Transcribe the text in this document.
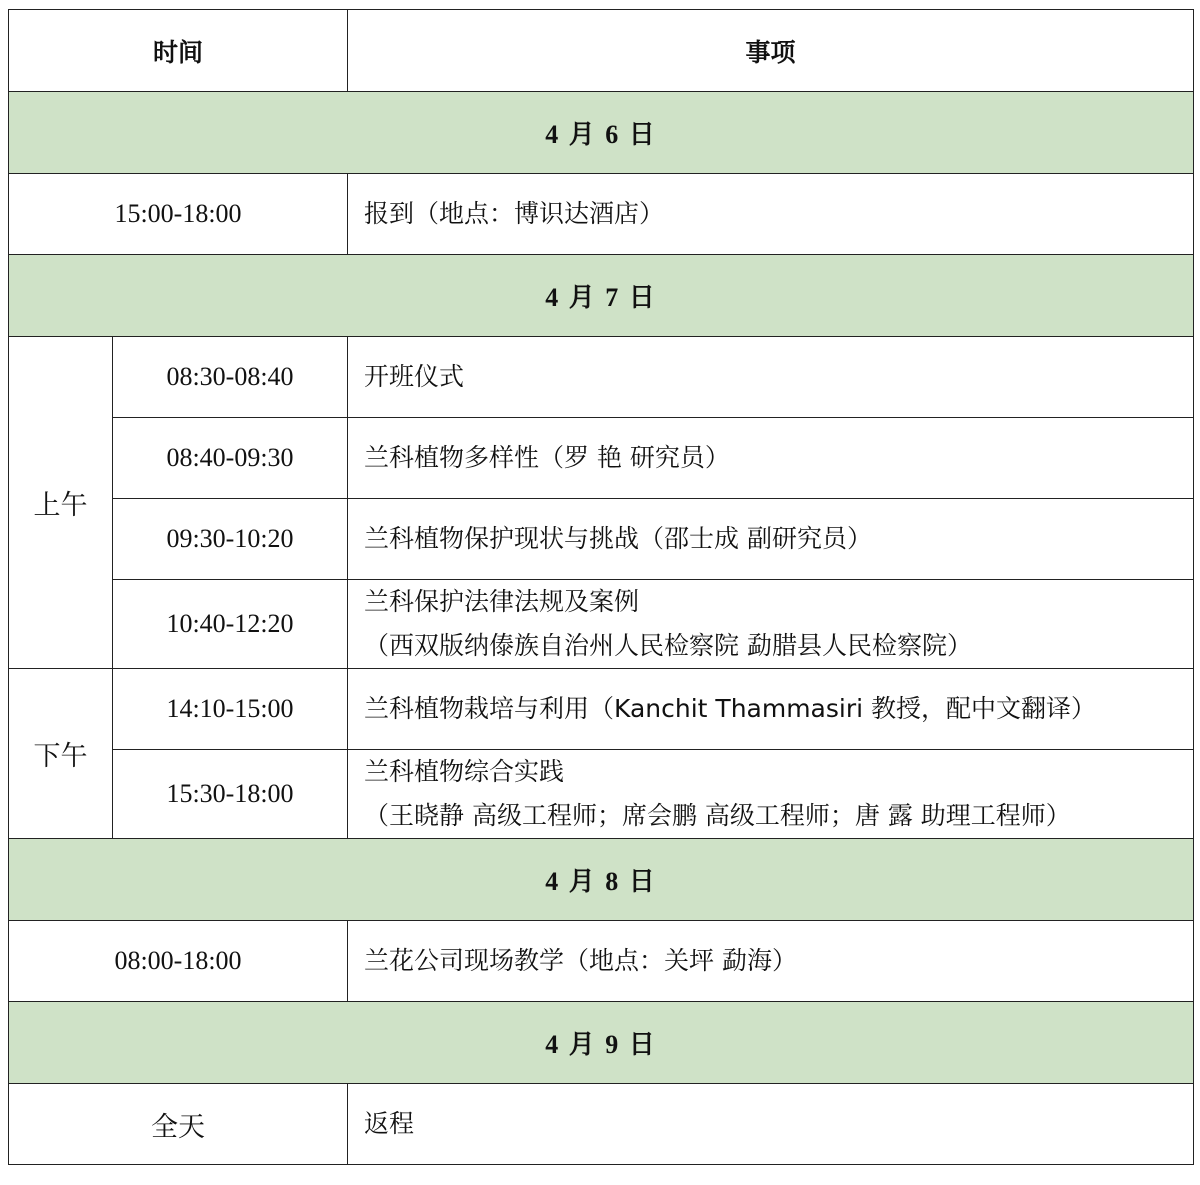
时间		事项
4 月 6 日		
15:00-18:00		报到（地点：博识达酒店）
4 月 7 日		
上午	08:30-08:40	开班仪式

	08:40-09:30	兰科植物多样性（罗 艳 研究员）

	09:30-10:20	兰科植物保护现状与挑战（邵士成 副研究员）

	10:40-12:20	兰科保护法律法规及案例
（西双版纳傣族自治州人民检察院 勐腊县人民检察院）

下午	14:10-15:00	兰科植物栽培与利用（Kanchit Thammasiri 教授，配中文翻译）

	15:30-18:00	兰科植物综合实践
（王晓静 高级工程师；席会鹏 高级工程师；唐 露 助理工程师）

4 月 8 日		
08:00-18:00		兰花公司现场教学（地点：关坪 勐海）
4 月 9 日		
全天		返程
